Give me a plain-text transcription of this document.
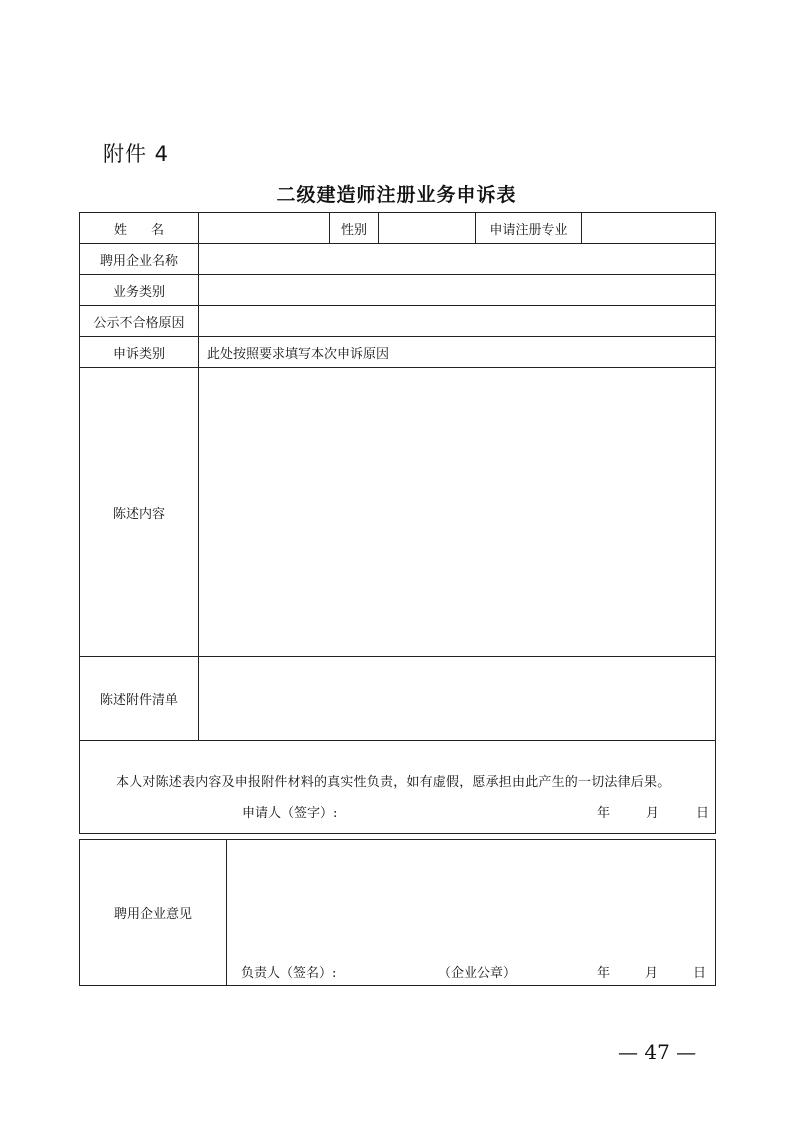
附件 4
二级建造师注册业务申诉表
姓名		性别		申请注册专业	
聘用企业名称					
业务类别					
公示不合格原因					
申诉类别	此处按照要求填写本次申诉原因				
陈述内容					
陈述附件清单					

本人对陈述表内容及申报附件材料的真实性负责，如有虚假，愿承担由此产生的一切法律后果。
申请人（签字）: 年 月 日					
聘用企业意见	
负责人（签名）:	（企业公章）	年	月	日
— 47 —
